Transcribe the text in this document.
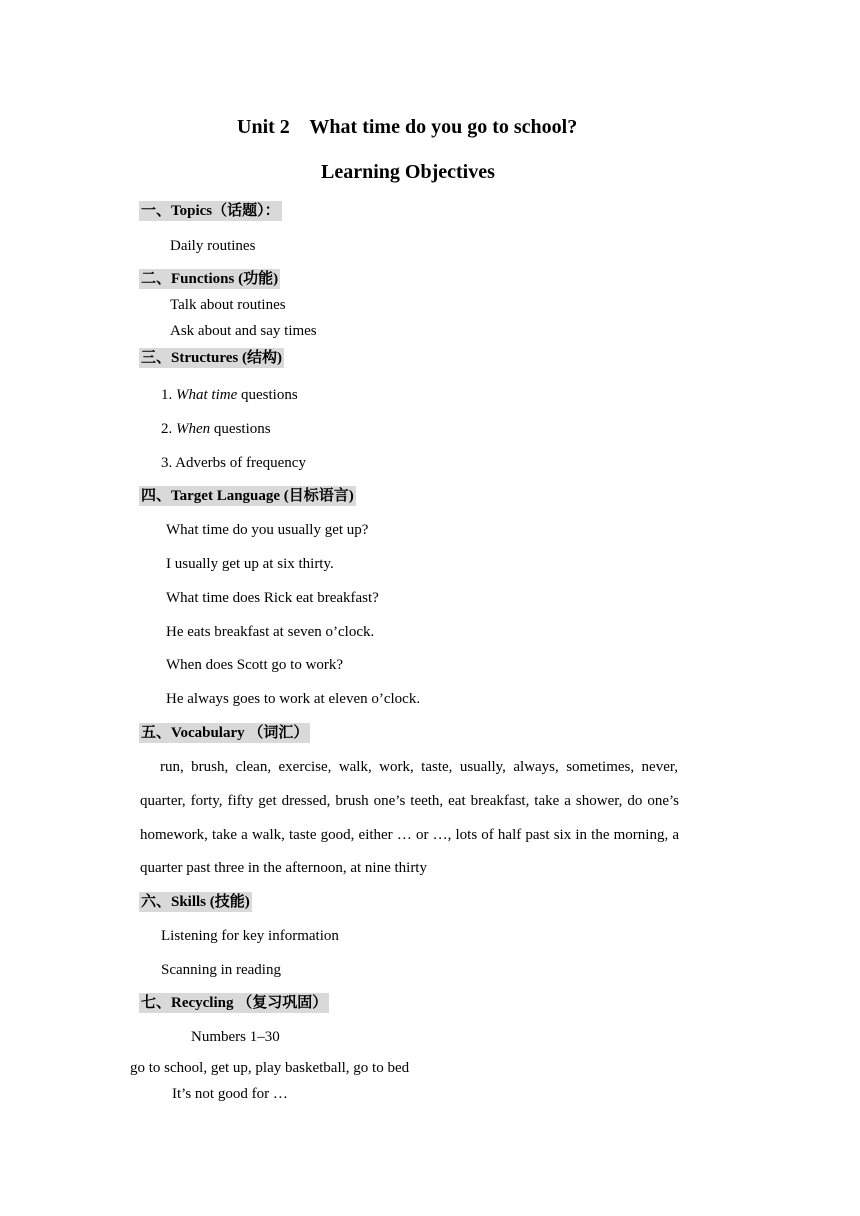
Unit 2    What time do you go to school?
Learning Objectives
一、Topics（话题）：
Daily routines
二、Functions (功能)
Talk about routines
Ask about and say times
三、Structures (结构)
1. What time questions
2. When questions
3. Adverbs of frequency
四、Target Language (目标语言)
What time do you usually get up?
I usually get up at six thirty.
What time does Rick eat breakfast?
He eats breakfast at seven o’clock.
When does Scott go to work?
He always goes to work at eleven o’clock.
五、Vocabulary （词汇）
run, brush, clean, exercise, walk, work, taste, usually, always, sometimes, never,
quarter, forty, fifty get dressed, brush one’s teeth, eat breakfast, take a shower, do one’s
homework, take a walk, taste good, either … or …, lots of half past six in the morning, a
quarter past three in the afternoon, at nine thirty
六、Skills (技能)
Listening for key information
Scanning in reading
七、Recycling （复习巩固）
Numbers 1–30
go to school, get up, play basketball, go to bed
It’s not good for …
